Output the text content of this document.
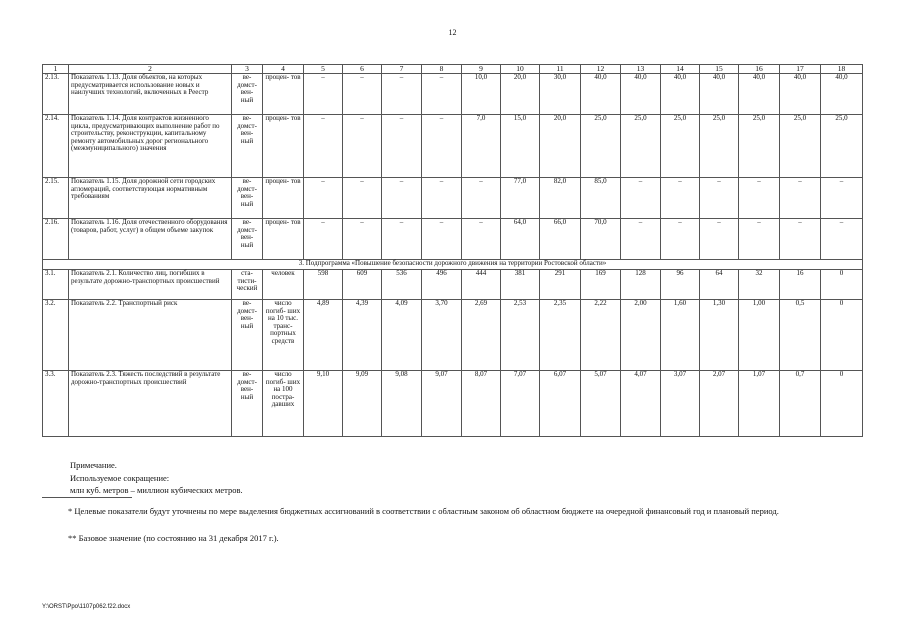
12
1	2	3	4	5	6	7	8	9	10	11	12	13	14	15	16	17	18
2.13.	Показатель 1.13. Доля объектов, на которых предусматривается использование новых и наилучших технологий, включенных в Реестр	ве- домст- вен- ный	процен- тов	–	–	–	–	10,0	20,0	30,0	40,0	40,0	40,0	40,0	40,0	40,0	40,0
2.14.	Показатель 1.14. Доля контрактов жизненного цикла, предусматривающих выполнение работ по строительству, реконструкции, капитальному ремонту автомобильных дорог регионального (межмуниципального) значения	ве- домст- вен- ный	процен- тов	–	–	–	–	7,0	15,0	20,0	25,0	25,0	25,0	25,0	25,0	25,0	25,0
2.15.	Показатель 1.15. Доля дорожной сети городских агломераций, соответствующая нормативным требованиям	ве- домст- вен- ный	процен- тов	–	–	–	–	–	77,0	82,0	85,0	–	–	–	–	–	–
2.16.	Показатель 1.16. Доля отечественного оборудования (товаров, работ, услуг) в общем объеме закупок	ве- домст- вен- ный	процен- тов	–	–	–	–	–	64,0	66,0	70,0	–	–	–	–	–	–
3. Подпрограмма «Повышение безопасности дорожного движения на территории Ростовской области»																	
3.1.	Показатель 2.1. Количество лиц, погибших в результате дорожно-транспортных происшествий	ста- тисти- ческий	человек	598	609	536	496	444	381	291	169	128	96	64	32	16	0
3.2.	Показатель 2.2. Транспортный риск	ве- домст- вен- ный	число погиб- ших на 10 тыс. транс- портных средств	4,89	4,39	4,09	3,70	2,69	2,53	2,35	2,22	2,00	1,60	1,30	1,00	0,5	0
3.3.	Показатель 2.3. Тяжесть последствий в результате дорожно-транспортных происшествий	ве- домст- вен- ный	число погиб- ших на 100 постра- давших	9,10	9,09	9,08	9,07	8,07	7,07	6,07	5,07	4,07	3,07	2,07	1,07	0,7	0
Примечание.
Используемое сокращение:
млн куб. метров – миллион кубических метров.
* Целевые показатели будут уточнены по мере выделения бюджетных ассигнований в соответствии с областным законом об областном бюджете на очередной финансовый год и плановый период.
** Базовое значение (по состоянию на 31 декабря 2017 г.).
Y:\ORST\Ppo\1107p062.f22.docx
